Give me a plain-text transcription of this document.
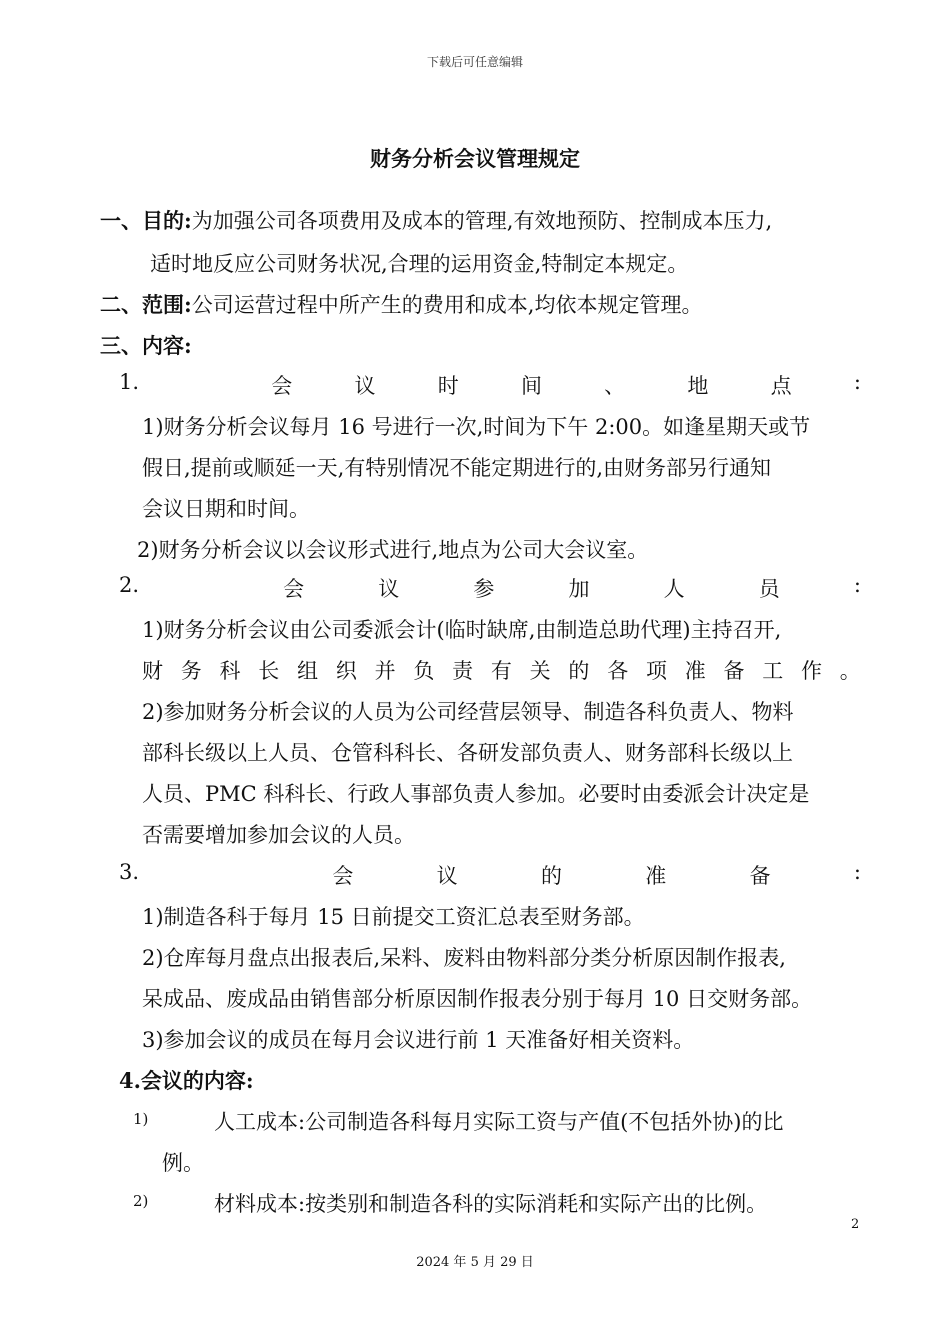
下载后可任意编辑
财务分析会议管理规定
一、目的:为加强公司各项费用及成本的管理,有效地预防、控制成本压力,
适时地反应公司财务状况,合理的运用资金,特制定本规定。
二、范围:公司运营过程中所产生的费用和成本,均依本规定管理。
三、内容:
1.	会	议	时	间	、	地	点	:
1)财务分析会议每月 16 号进行一次,时间为下午 2:00。如逢星期天或节
假日,提前或顺延一天,有特别情况不能定期进行的,由财务部另行通知
会议日期和时间。
2)财务分析会议以会议形式进行,地点为公司大会议室。
2.	会	议	参	加	人	员	:
1)财务分析会议由公司委派会计(临时缺席,由制造总助代理)主持召开,
财 务 科 长 组 织 并 负 责 有 关 的 各 项 准 备 工 作 。
2)参加财务分析会议的人员为公司经营层领导、制造各科负责人、物料
部科长级以上人员、仓管科科长、各研发部负责人、财务部科长级以上
人员、PMC 科科长、行政人事部负责人参加。必要时由委派会计决定是
否需要增加参加会议的人员。
3.	会	议	的	准	备	:
1)制造各科于每月 15 日前提交工资汇总表至财务部。
2)仓库每月盘点出报表后,呆料、废料由物料部分类分析原因制作报表,
呆成品、废成品由销售部分析原因制作报表分别于每月 10 日交财务部。
3)参加会议的成员在每月会议进行前 1 天准备好相关资料。
4.会议的内容:
1)	人工成本:公司制造各科每月实际工资与产值(不包括外协)的比
例。
2)	材料成本:按类别和制造各科的实际消耗和实际产出的比例。
2
2024 年 5 月 29 日
